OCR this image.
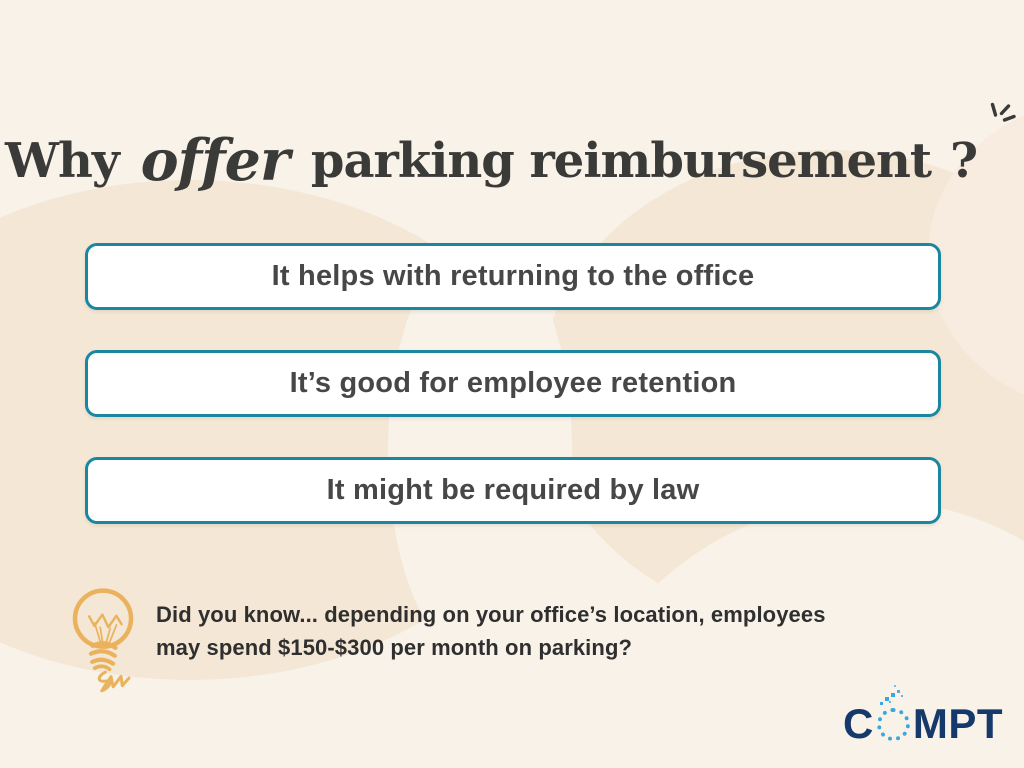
Why offer parking reimbursement ?
It helps with returning to the office
It’s good for employee retention
It might be required by law
Did you know... depending on your office’s location, employees
may spend $150-$300 per month on parking?
C MPT
